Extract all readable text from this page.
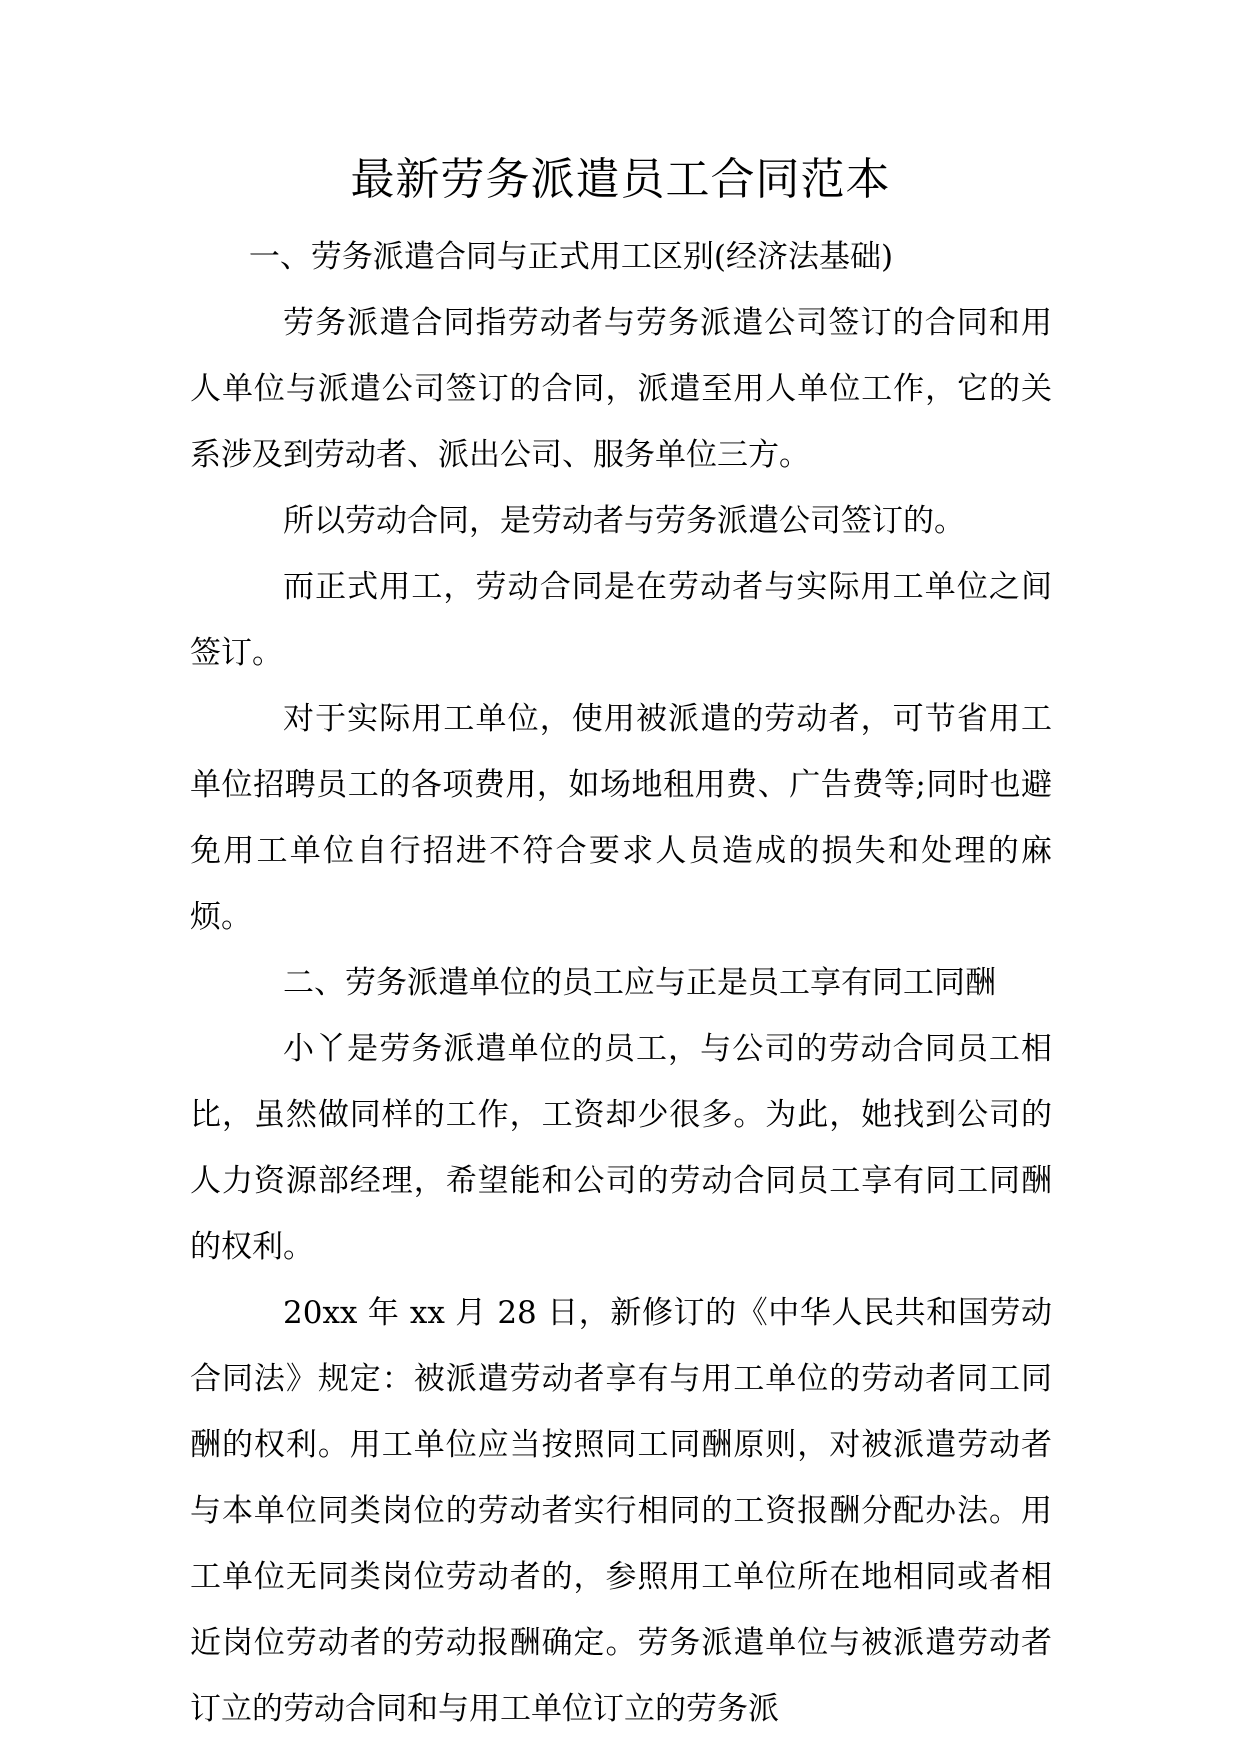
最新劳务派遣员工合同范本

一、劳务派遣合同与正式用工区别(经济法基础)

劳务派遣合同指劳动者与劳务派遣公司签订的合同和用人单位与派遣公司签订的合同，派遣至用人单位工作，它的关系涉及到劳动者、派出公司、服务单位三方。

所以劳动合同，是劳动者与劳务派遣公司签订的。

而正式用工，劳动合同是在劳动者与实际用工单位之间签订。

对于实际用工单位，使用被派遣的劳动者，可节省用工单位招聘员工的各项费用，如场地租用费、广告费等;同时也避免用工单位自行招进不符合要求人员造成的损失和处理的麻烦。

二、劳务派遣单位的员工应与正是员工享有同工同酬

小丫是劳务派遣单位的员工，与公司的劳动合同员工相比，虽然做同样的工作，工资却少很多。为此，她找到公司的人力资源部经理，希望能和公司的劳动合同员工享有同工同酬的权利。

20xx 年 xx 月 28 日，新修订的《中华人民共和国劳动合同法》规定：被派遣劳动者享有与用工单位的劳动者同工同酬的权利。用工单位应当按照同工同酬原则，对被派遣劳动者与本单位同类岗位的劳动者实行相同的工资报酬分配办法。用工单位无同类岗位劳动者的，参照用工单位所在地相同或者相近岗位劳动者的劳动报酬确定。劳务派遣单位与被派遣劳动者订立的劳动合同和与用工单位订立的劳务派
